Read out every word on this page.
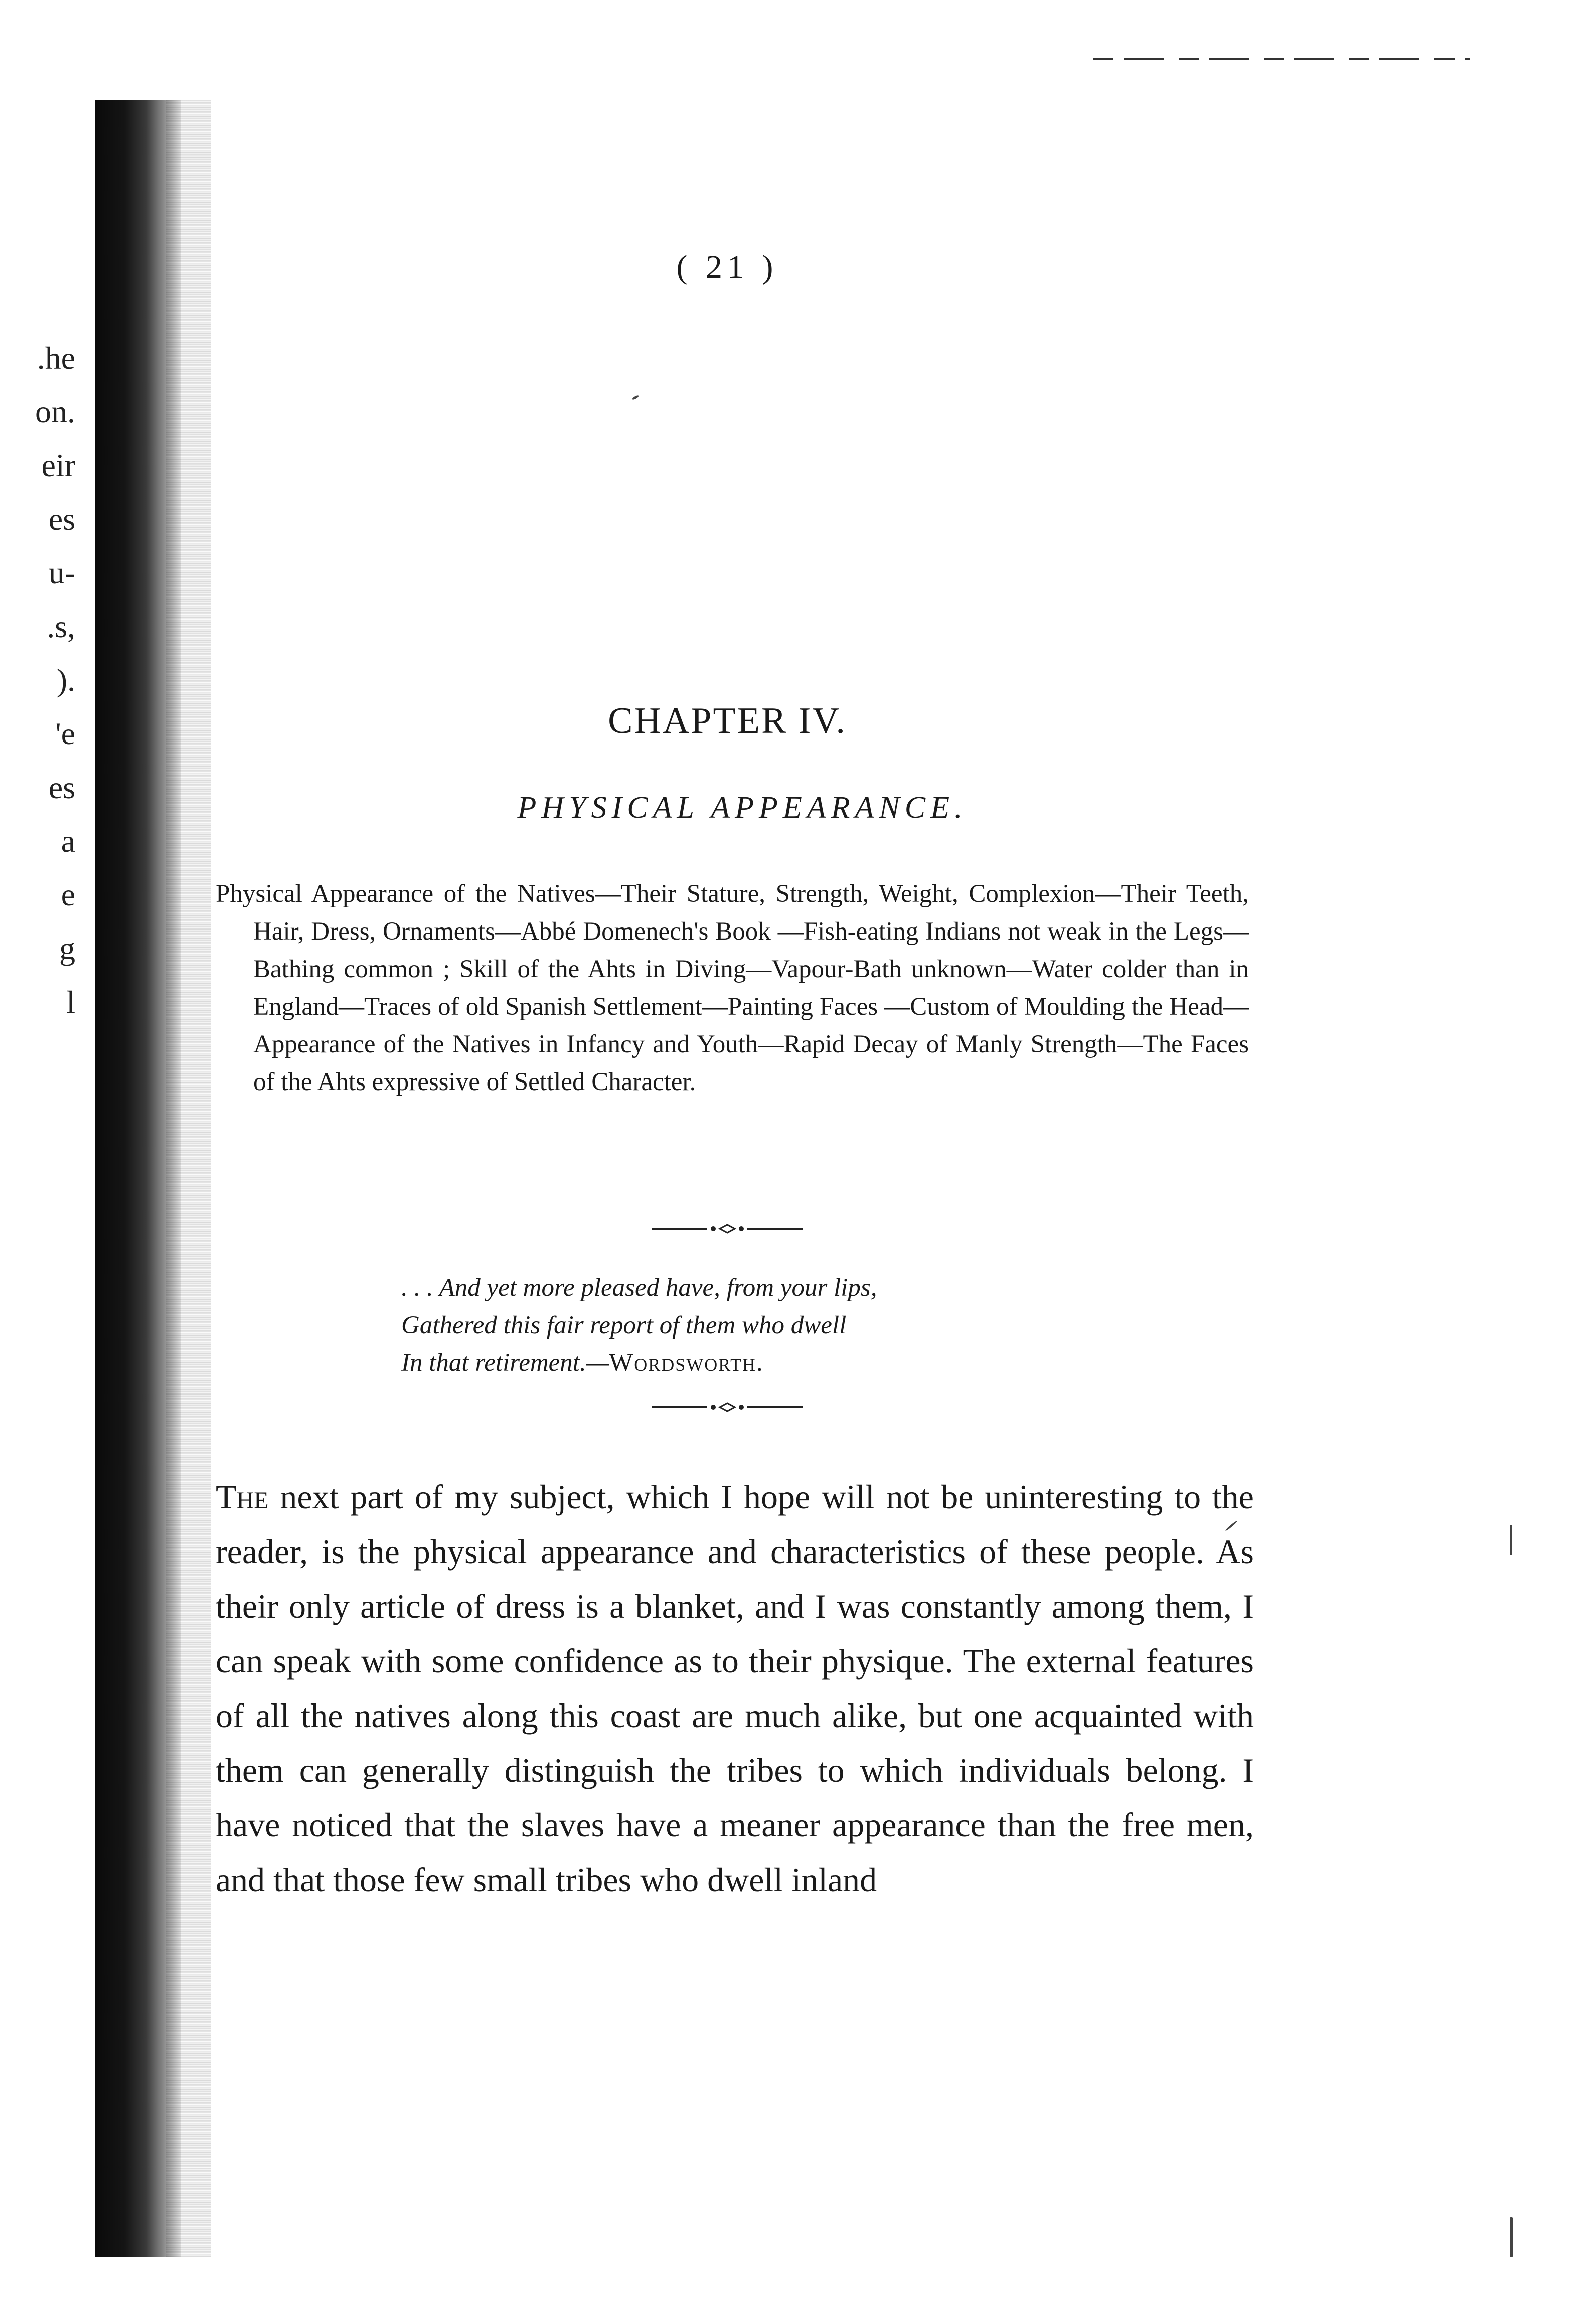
.he
on.
eir
es
u-
.s,
).
'e
es
a
e
g
l
( 21 )
CHAPTER IV.
PHYSICAL APPEARANCE.
Physical Appearance of the Natives—Their Stature, Strength, Weight, Complexion—Their Teeth, Hair, Dress, Ornaments—Abbé Domenech's Book —Fish-eating Indians not weak in the Legs—Bathing common ; Skill of the Ahts in Diving—Vapour-Bath unknown—Water colder than in England—Traces of old Spanish Settlement—Painting Faces —Custom of Moulding the Head—Appearance of the Natives in Infancy and Youth—Rapid Decay of Manly Strength—The Faces of the Ahts expressive of Settled Character.
. . . And yet more pleased have, from your lips,
Gathered this fair report of them who dwell
In that retirement.—Wordsworth.
The next part of my subject, which I hope will not be uninteresting to the reader, is the physical appearance and characteristics of these people. As their only article of dress is a blanket, and I was constantly among them, I can speak with some confidence as to their physique. The external features of all the natives along this coast are much alike, but one acquainted with them can generally distinguish the tribes to which individuals belong. I have noticed that the slaves have a meaner appearance than the free men, and that those few small tribes who dwell inland
